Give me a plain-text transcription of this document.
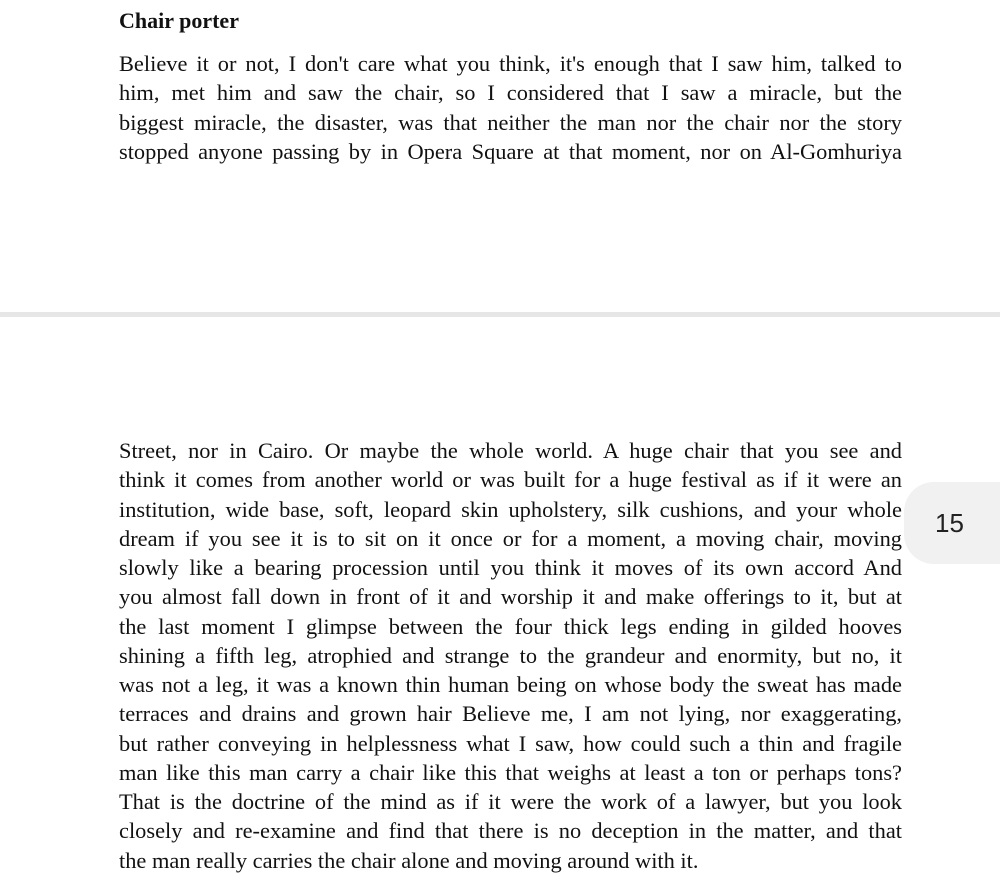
Chair porter

Believe it or not, I don't care what you think, it's enough that I saw him, talked to
him, met him and saw the chair, so I considered that I saw a miracle, but the
biggest miracle, the disaster, was that neither the man nor the chair nor the story
stopped anyone passing by in Opera Square at that moment, nor on Al-Gomhuriya

Street, nor in Cairo. Or maybe the whole world. A huge chair that you see and
think it comes from another world or was built for a huge festival as if it were an
institution, wide base, soft, leopard skin upholstery, silk cushions, and your whole
dream if you see it is to sit on it once or for a moment, a moving chair, moving
slowly like a bearing procession until you think it moves of its own accord And
you almost fall down in front of it and worship it and make offerings to it, but at
the last moment I glimpse between the four thick legs ending in gilded hooves
shining a fifth leg, atrophied and strange to the grandeur and enormity, but no, it
was not a leg, it was a known thin human being on whose body the sweat has made
terraces and drains and grown hair Believe me, I am not lying, nor exaggerating,
but rather conveying in helplessness what I saw, how could such a thin and fragile
man like this man carry a chair like this that weighs at least a ton or perhaps tons?
That is the doctrine of the mind as if it were the work of a lawyer, but you look
closely and re-examine and find that there is no deception in the matter, and that
the man really carries the chair alone and moving around with it.

15
